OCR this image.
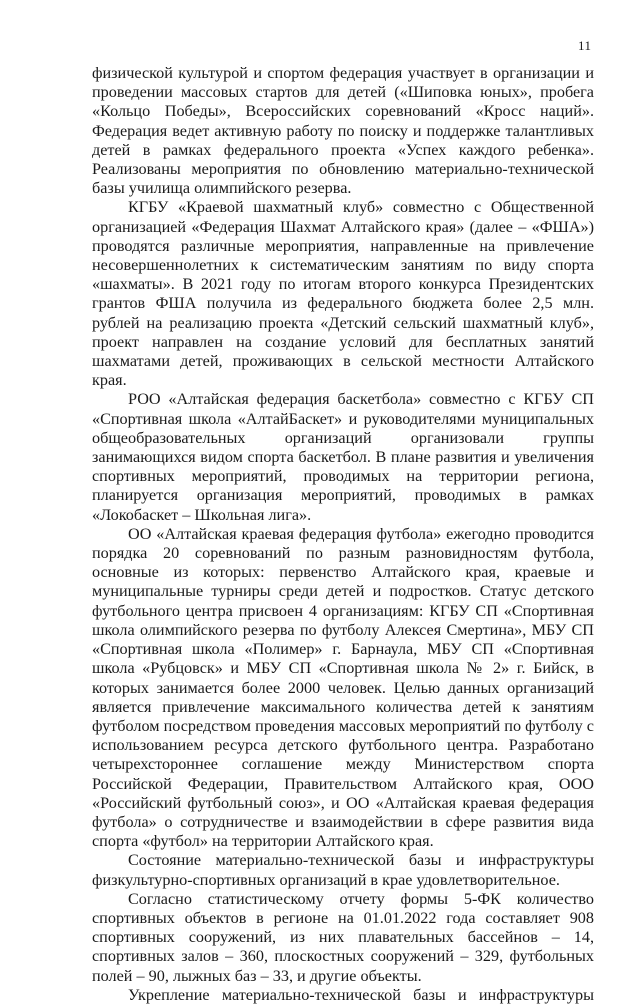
11

физической культурой и спортом федерация участвует в организации и проведении массовых стартов для детей («Шиповка юных», пробега «Кольцо Победы», Всероссийских соревнований «Кросс наций». Федерация ведет активную работу по поиску и поддержке талантливых детей в рамках федерального проекта «Успех каждого ребенка». Реализованы мероприятия по обновлению материально-технической базы училища олимпийского резерва.

КГБУ «Краевой шахматный клуб» совместно с Общественной организацией «Федерация Шахмат Алтайского края» (далее – «ФША») проводятся различные мероприятия, направленные на привлечение несовершеннолетних к систематическим занятиям по виду спорта «шахматы». В 2021 году по итогам второго конкурса Президентских грантов ФША получила из федерального бюджета более 2,5 млн. рублей на реализацию проекта «Детский сельский шахматный клуб», проект направлен на создание условий для бесплатных занятий шахматами детей, проживающих в сельской местности Алтайского края.

РОО «Алтайская федерация баскетбола» совместно с КГБУ СП «Спортивная школа «АлтайБаскет» и руководителями муниципальных общеобразовательных организаций организовали группы занимающихся видом спорта баскетбол. В плане развития и увеличения спортивных мероприятий, проводимых на территории региона, планируется организация мероприятий, проводимых в рамках «Локобаскет – Школьная лига».

ОО «Алтайская краевая федерация футбола» ежегодно проводится порядка 20 соревнований по разным разновидностям футбола, основные из которых: первенство Алтайского края, краевые и муниципальные турниры среди детей и подростков. Статус детского футбольного центра присвоен 4 организациям: КГБУ СП «Спортивная школа олимпийского резерва по футболу Алексея Смертина», МБУ СП «Спортивная школа «Полимер» г. Барнаула, МБУ СП «Спортивная школа «Рубцовск» и МБУ СП «Спортивная школа № 2» г. Бийск, в которых занимается более 2000 человек. Целью данных организаций является привлечение максимального количества детей к занятиям футболом посредством проведения массовых мероприятий по футболу с использованием ресурса детского футбольного центра. Разработано четырехстороннее соглашение между Министерством спорта Российской Федерации, Правительством Алтайского края, ООО «Российский футбольный союз», и ОО «Алтайская краевая федерация футбола» о сотрудничестве и взаимодействии в сфере развития вида спорта «футбол» на территории Алтайского края.

Состояние материально-технической базы и инфраструктуры физкультурно-спортивных организаций в крае удовлетворительное.

Согласно статистическому отчету формы 5-ФК количество спортивных объектов в регионе на 01.01.2022 года составляет 908 спортивных сооружений, из них плавательных бассейнов – 14, спортивных залов – 360, плоскостных сооружений – 329, футбольных полей – 90, лыжных баз – 33, и другие объекты.

Укрепление материально-технической базы и инфраструктуры
